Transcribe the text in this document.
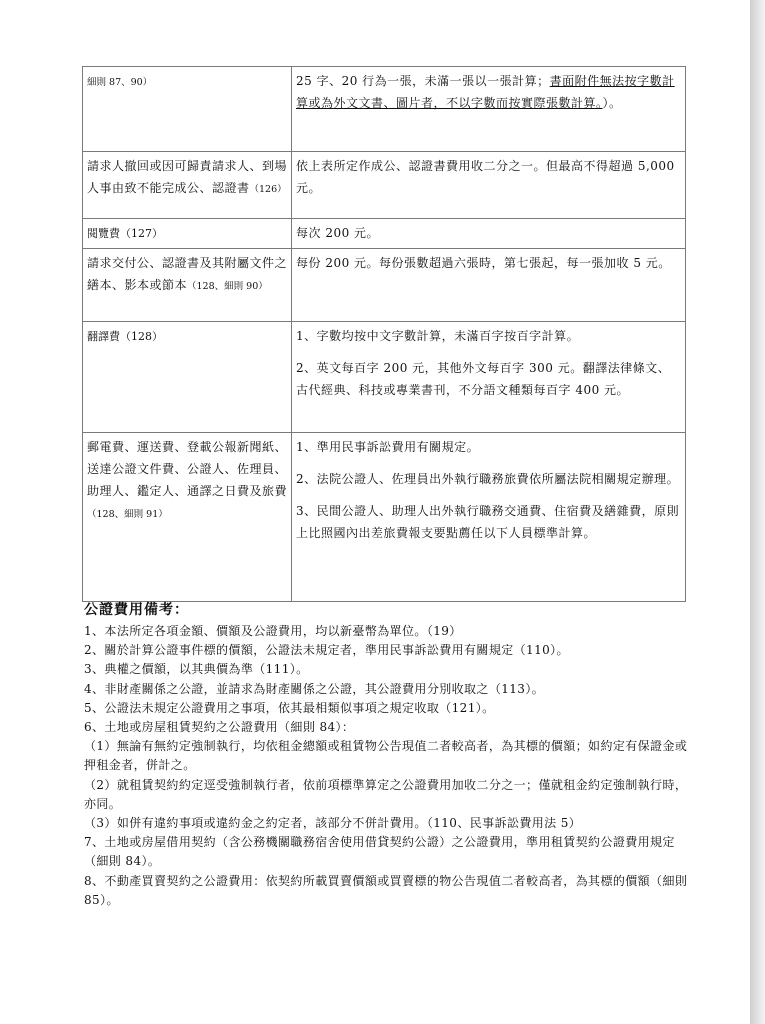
細則 87、90）	25 字、20 行為一張，未滿一張以一張計算；書面附件無法按字數計算或為外文文書、圖片者，不以字數而按實際張數計算。）。
請求人撤回或因可歸責請求人、到場人事由致不能完成公、認證書（126）	依上表所定作成公、認證書費用收二分之一。但最高不得超過 5,000 元。
閱覽費（127）	每次 200 元。
請求交付公、認證書及其附屬文件之繕本、影本或節本（128、細則 90）	每份 200 元。每份張數超過六張時，第七張起，每一張加收 5 元。
翻譯費（128）	1、字數均按中文字數計算，未滿百字按百字計算。

2、英文每百字 200 元，其他外文每百字 300 元。翻譯法律條文、古代經典、科技或專業書刊，不分語文種類每百字 400 元。

郵電費、運送費、登載公報新聞紙、送達公證文件費、公證人、佐理員、助理人、鑑定人、通譯之日費及旅費（128、細則 91）	1、準用民事訴訟費用有關規定。

2、法院公證人、佐理員出外執行職務旅費依所屬法院相關規定辦理。

3、民間公證人、助理人出外執行職務交通費、住宿費及繕雜費，原則上比照國內出差旅費報支要點薦任以下人員標準計算。

公證費用備考：

1、本法所定各項金額、價額及公證費用，均以新臺幣為單位。（19）

2、關於計算公證事件標的價額，公證法未規定者，準用民事訴訟費用有關規定（110）。

3、典權之價額，以其典價為準（111）。

4、非財產關係之公證，並請求為財產關係之公證，其公證費用分別收取之（113）。

5、公證法未規定公證費用之事項，依其最相類似事項之規定收取（121）。

6、土地或房屋租賃契約之公證費用（細則 84）：

（1）無論有無約定強制執行，均依租金總額或租賃物公告現值二者較高者，為其標的價額；如約定有保證金或押租金者，併計之。

（2）就租賃契約約定逕受強制執行者，依前項標準算定之公證費用加收二分之一；僅就租金約定強制執行時，亦同。

（3）如併有違約事項或違約金之約定者，該部分不併計費用。（110、民事訴訟費用法 5）

7、土地或房屋借用契約（含公務機關職務宿舍使用借貸契約公證）之公證費用，準用租賃契約公證費用規定（細則 84）。

8、不動產買賣契約之公證費用：依契約所載買賣價額或買賣標的物公告現值二者較高者，為其標的價額（細則 85）。
